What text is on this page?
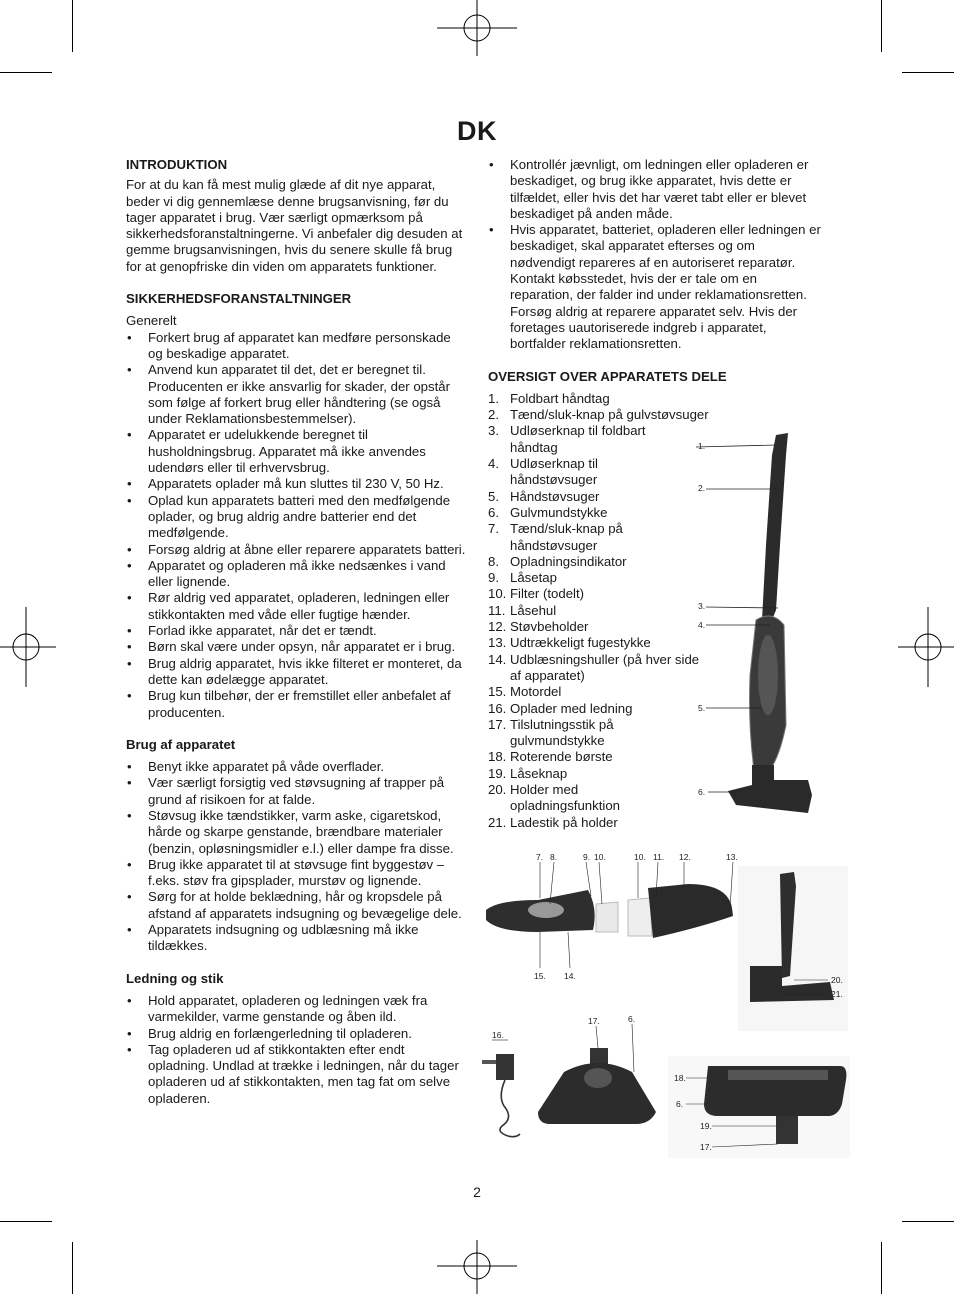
DK
INTRODUKTION

For at du kan få mest mulig glæde af dit nye apparat, beder vi dig gennemlæse denne brugsanvisning, før du tager apparatet i brug. Vær særligt opmærksom på sikkerhedsforanstaltningerne. Vi anbefaler dig desuden at gemme brugsanvisningen, hvis du senere skulle få brug for at genopfriske din viden om apparatets funktioner.

SIKKERHEDSFORANSTALTNINGER

Generelt

• Forkert brug af apparatet kan medføre personskade og beskadige apparatet.
• Anvend kun apparatet til det, det er beregnet til. Producenten er ikke ansvarlig for skader, der opstår som følge af forkert brug eller håndtering (se også under Reklamationsbestemmelser).
• Apparatet er udelukkende beregnet til husholdningsbrug. Apparatet må ikke anvendes udendørs eller til erhvervsbrug.
• Apparatets oplader må kun sluttes til 230 V, 50 Hz.
• Oplad kun apparatets batteri med den medfølgende oplader, og brug aldrig andre batterier end det medfølgende.
• Forsøg aldrig at åbne eller reparere apparatets batteri.
• Apparatet og opladeren må ikke nedsænkes i vand eller lignende.
• Rør aldrig ved apparatet, opladeren, ledningen eller stikkontakten med våde eller fugtige hænder.
• Forlad ikke apparatet, når det er tændt.
• Børn skal være under opsyn, når apparatet er i brug.
• Brug aldrig apparatet, hvis ikke filteret er monteret, da dette kan ødelægge apparatet.
• Brug kun tilbehør, der er fremstillet eller anbefalet af producenten.
Brug af apparatet
• Benyt ikke apparatet på våde overflader.
• Vær særligt forsigtig ved støvsugning af trapper på grund af risikoen for at falde.
• Støvsug ikke tændstikker, varm aske, cigaretskod, hårde og skarpe genstande, brændbare materialer (benzin, opløsningsmidler e.l.) eller dampe fra disse.
• Brug ikke apparatet til at støvsuge fint byggestøv – f.eks. støv fra gipsplader, murstøv og lignende.
• Sørg for at holde beklædning, hår og kropsdele på afstand af apparatets indsugning og bevægelige dele.
• Apparatets indsugning og udblæsning må ikke tildækkes.
Ledning og stik
• Hold apparatet, opladeren og ledningen væk fra varmekilder, varme genstande og åben ild.
• Brug aldrig en forlængerledning til opladeren.
• Tag opladeren ud af stikkontakten efter endt opladning. Undlad at trække i ledningen, når du tager opladeren ud af stikkontakten, men tag fat om selve opladeren.
• Kontrollér jævnligt, om ledningen eller opladeren er beskadiget, og brug ikke apparatet, hvis dette er tilfældet, eller hvis det har været tabt eller er blevet beskadiget på anden måde.
• Hvis apparatet, batteriet, opladeren eller ledningen er beskadiget, skal apparatet efterses og om nødvendigt repareres af en autoriseret reparatør. Kontakt købsstedet, hvis der er tale om en reparation, der falder ind under reklamationsretten. Forsøg aldrig at reparere apparatet selv. Hvis der foretages uautoriserede indgreb i apparatet, bortfalder reklamationsretten.
OVERSIGT OVER APPARATETS DELE
1. Foldbart håndtag
2. Tænd/sluk-knap på gulvstøvsuger
3. Udløserknap til foldbart håndtag
4. Udløserknap til håndstøvsuger
5. Håndstøvsuger
6. Gulvmundstykke
7. Tænd/sluk-knap på håndstøvsuger
8. Opladningsindikator
9. Låsetap
10. Filter (todelt)
11. Låsehul
12. Støvbeholder
13. Udtrækkeligt fugestykke
14. Udblæsningshuller (på hver side af apparatet)
15. Motordel
16. Oplader med ledning
17. Tilslutningsstik på gulvmundstykke
18. Roterende børste
19. Låseknap
20. Holder med opladningsfunktion
21. Ladestik på holder
1.
2.
3.
4.
5.
6.
7. 8.	9. 10.	10. 11. 12.	13.
15. 14.	20.
21.
16.
17.	6.
18.
6.
19.
17.
2
